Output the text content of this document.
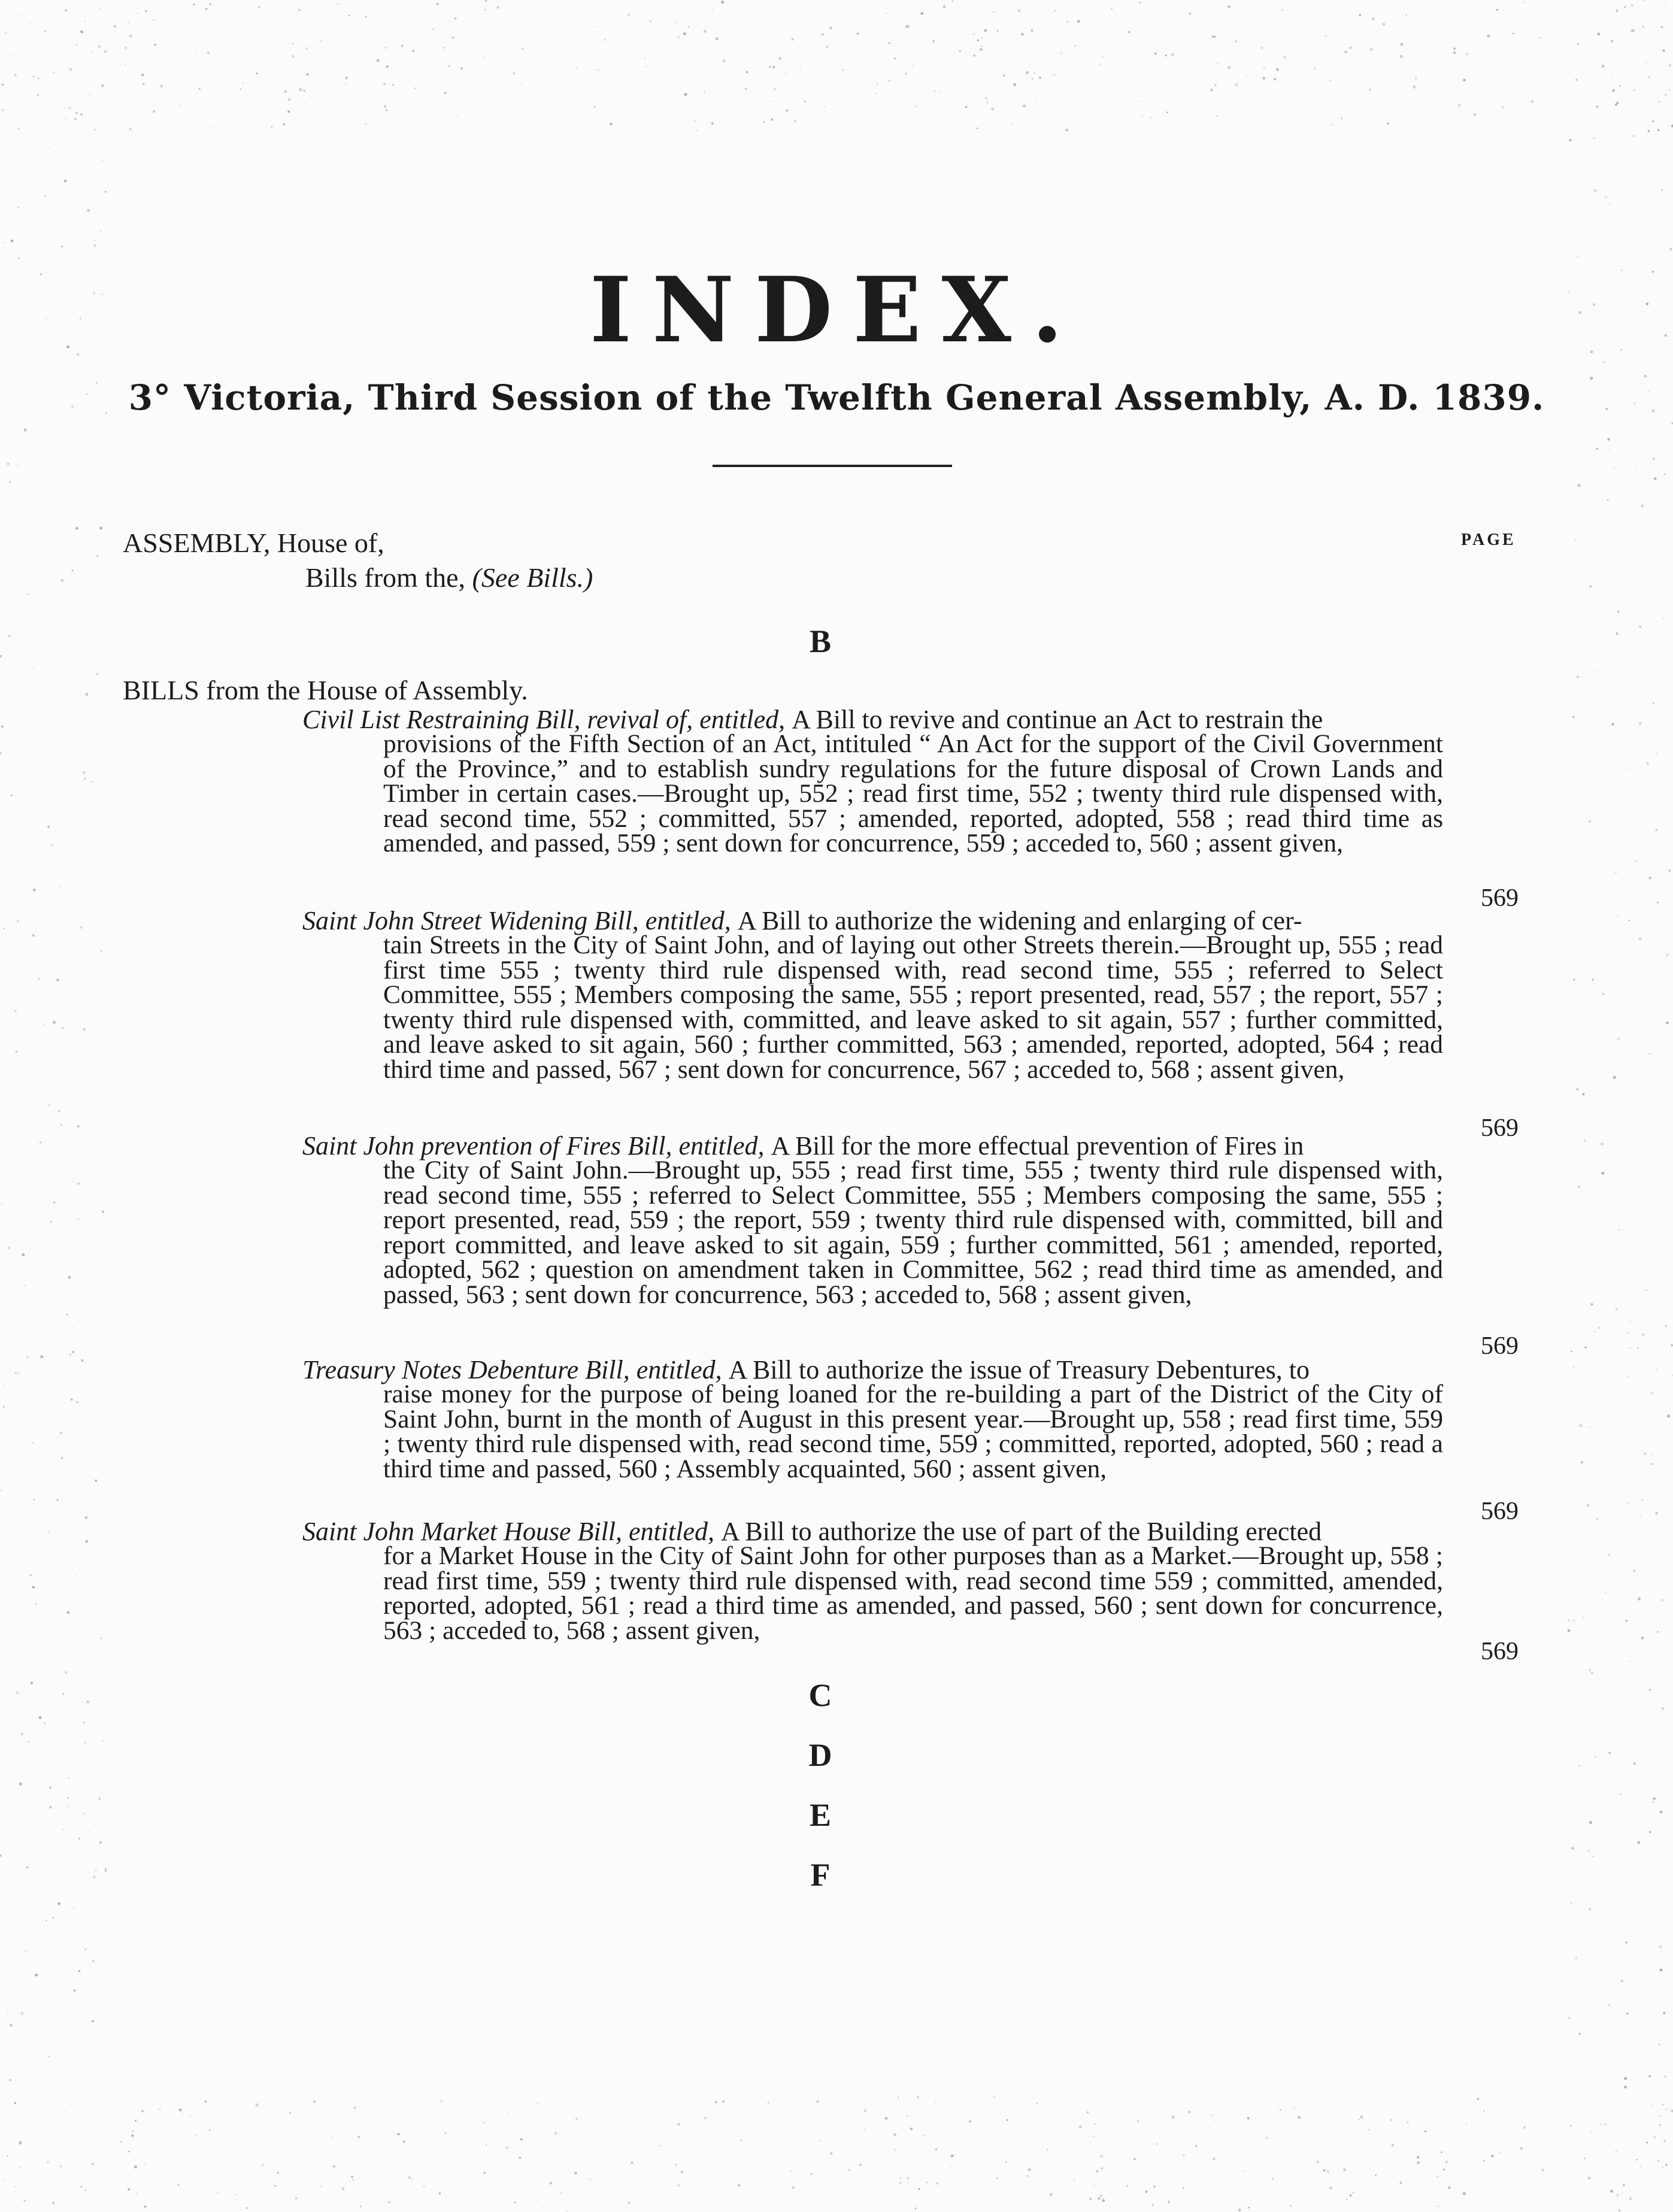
INDEX.
3° Victoria, Third Session of the Twelfth General Assembly, A. D. 1839.
PAGE
ASSEMBLY, House of,
Bills from the, (See Bills.)
B
BILLS from the House of Assembly.
Civil List Restraining Bill, revival of, entitled, A Bill to revive and continue an Act to restrain the
provisions of the Fifth Section of an Act, intituled “ An Act for the support of the Civil Government of the Province,” and to establish sundry regulations for the future disposal of Crown Lands and Timber in certain cases.—Brought up, 552 ; read first time, 552 ; twenty third rule dispensed with, read second time, 552 ; committed, 557 ; amended, reported, adopted, 558 ; read third time as amended, and passed, 559 ; sent down for concurrence, 559 ; acceded to, 560 ; assent given,
569
Saint John Street Widening Bill, entitled, A Bill to authorize the widening and enlarging of cer-
tain Streets in the City of Saint John, and of laying out other Streets therein.—Brought up, 555 ; read first time 555 ; twenty third rule dispensed with, read second time, 555 ; referred to Select Committee, 555 ; Members composing the same, 555 ; report presented, read, 557 ; the report, 557 ; twenty third rule dispensed with, committed, and leave asked to sit again, 557 ; further committed, and leave asked to sit again, 560 ; further committed, 563 ; amended, reported, adopted, 564 ; read third time and passed, 567 ; sent down for concurrence, 567 ; acceded to, 568 ; assent given,
569
Saint John prevention of Fires Bill, entitled, A Bill for the more effectual prevention of Fires in
the City of Saint John.—Brought up, 555 ; read first time, 555 ; twenty third rule dispensed with, read second time, 555 ; referred to Select Committee, 555 ; Members composing the same, 555 ; report presented, read, 559 ; the report, 559 ; twenty third rule dispensed with, committed, bill and report committed, and leave asked to sit again, 559 ; further committed, 561 ; amended, reported, adopted, 562 ; question on amendment taken in Committee, 562 ; read third time as amended, and passed, 563 ; sent down for concurrence, 563 ; acceded to, 568 ; assent given,
569
Treasury Notes Debenture Bill, entitled, A Bill to authorize the issue of Treasury Debentures, to
raise money for the purpose of being loaned for the re-building a part of the District of the City of Saint John, burnt in the month of August in this present year.—Brought up, 558 ; read first time, 559 ; twenty third rule dispensed with, read second time, 559 ; committed, reported, adopted, 560 ; read a third time and passed, 560 ; Assembly acquainted, 560 ; assent given,
569
Saint John Market House Bill, entitled, A Bill to authorize the use of part of the Building erected
for a Market House in the City of Saint John for other purposes than as a Market.—Brought up, 558 ; read first time, 559 ; twenty third rule dispensed with, read second time 559 ; committed, amended, reported, adopted, 561 ; read a third time as amended, and passed, 560 ; sent down for concurrence, 563 ; acceded to, 568 ; assent given,
569
C
D
E
F
